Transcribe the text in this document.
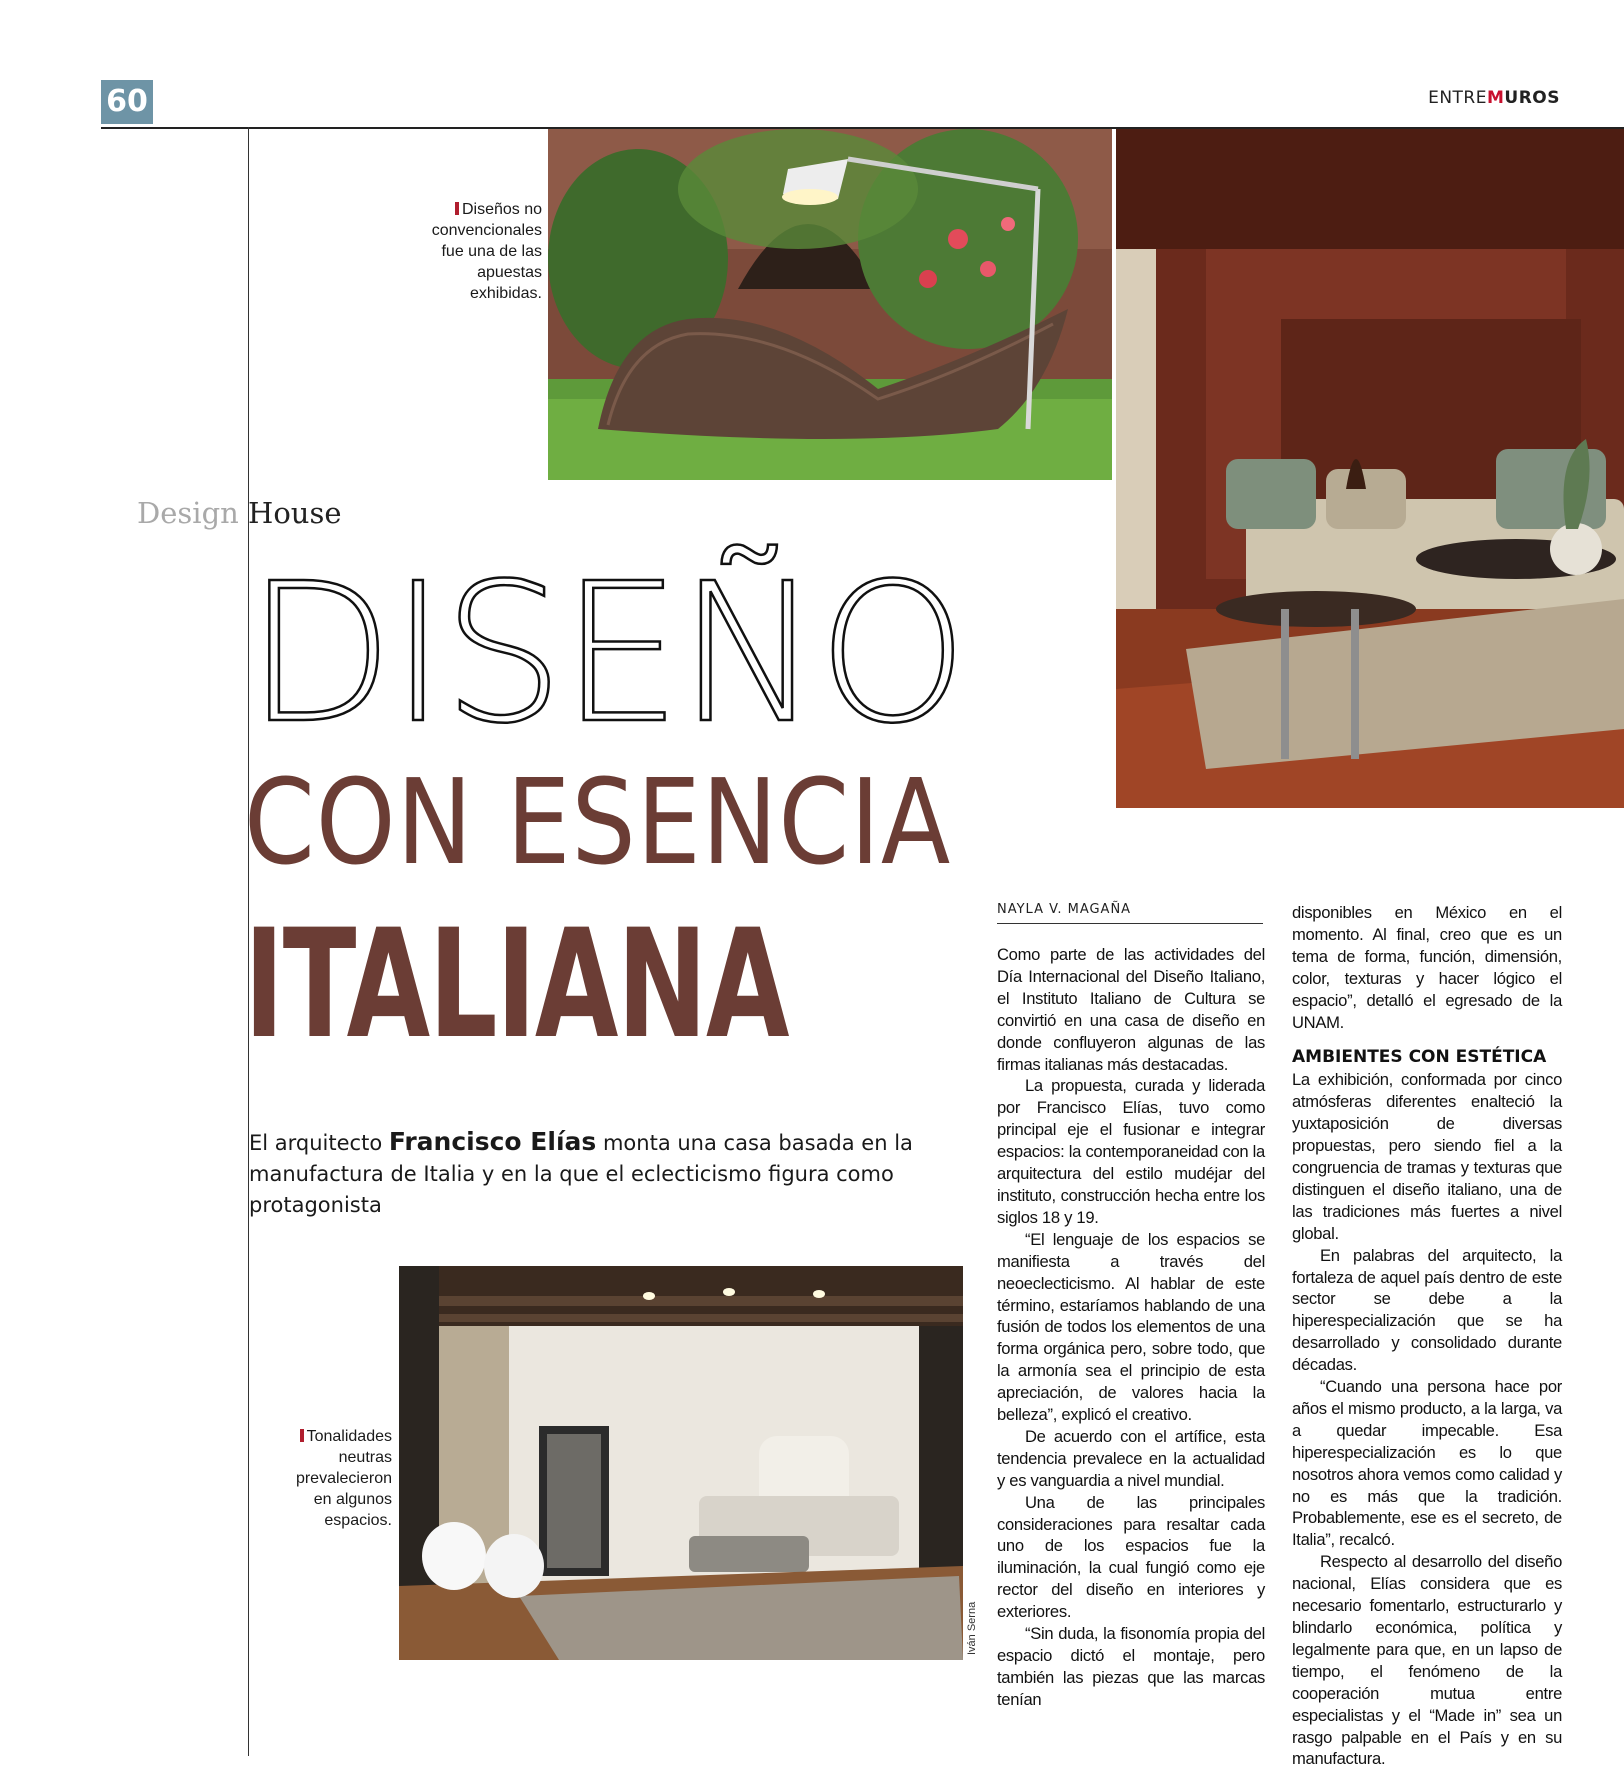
60	ENTREMUROS
Diseños no convencionales fue una de las apuestas exhibidas.
Design House
DISEÑO
CON ESENCIA
ITALIANA
El arquitecto Francisco Elías monta una casa basada en la manufactura de Italia y en la que el eclecticismo figura como protagonista
Tonalidades neutras prevalecieron en algunos espacios.
Iván Serna
NAYLA V. MAGAÑA

Como parte de las actividades del Día Internacional del Diseño Italiano, el Instituto Italiano de Cultura se convirtió en una casa de diseño en donde confluyeron algunas de las firmas italianas más destacadas.

La propuesta, curada y liderada por Francisco Elías, tuvo como principal eje el fusionar e integrar espacios: la contemporaneidad con la arquitectura del estilo mudéjar del instituto, construcción hecha entre los siglos 18 y 19.

“El lenguaje de los espacios se manifiesta a través del neoeclecticismo. Al hablar de este término, estaríamos hablando de una fusión de todos los elementos de una forma orgánica pero, sobre todo, que la armonía sea el principio de esta apreciación, de valores hacia la belleza”, explicó el creativo.

De acuerdo con el artífice, esta tendencia prevalece en la actualidad y es vanguardia a nivel mundial.

Una de las principales consideraciones para resaltar cada uno de los espacios fue la iluminación, la cual fungió como eje rector del diseño en interiores y exteriores.

“Sin duda, la fisonomía propia del espacio dictó el montaje, pero también las piezas que las marcas tenían

disponibles en México en el momento. Al final, creo que es un tema de forma, función, dimensión, color, texturas y hacer lógico el espacio”, detalló el egresado de la UNAM.

AMBIENTES CON ESTÉTICA

La exhibición, conformada por cinco atmósferas diferentes enalteció la yuxtaposición de diversas propuestas, pero siendo fiel a la congruencia de tramas y texturas que distinguen el diseño italiano, una de las tradiciones más fuertes a nivel global.

En palabras del arquitecto, la fortaleza de aquel país dentro de este sector se debe a la hiperespecialización que se ha desarrollado y consolidado durante décadas.

“Cuando una persona hace por años el mismo producto, a la larga, va a quedar impecable. Esa hiperespecialización es lo que nosotros ahora vemos como calidad y no es más que la tradición. Probablemente, ese es el secreto, de Italia”, recalcó.

Respecto al desarrollo del diseño nacional, Elías considera que es necesario fomentarlo, estructurarlo y blindarlo económica, política y legalmente para que, en un lapso de tiempo, el fenómeno de la cooperación mutua entre especialistas y el “Made in” sea un rasgo palpable en el País y en su manufactura.
